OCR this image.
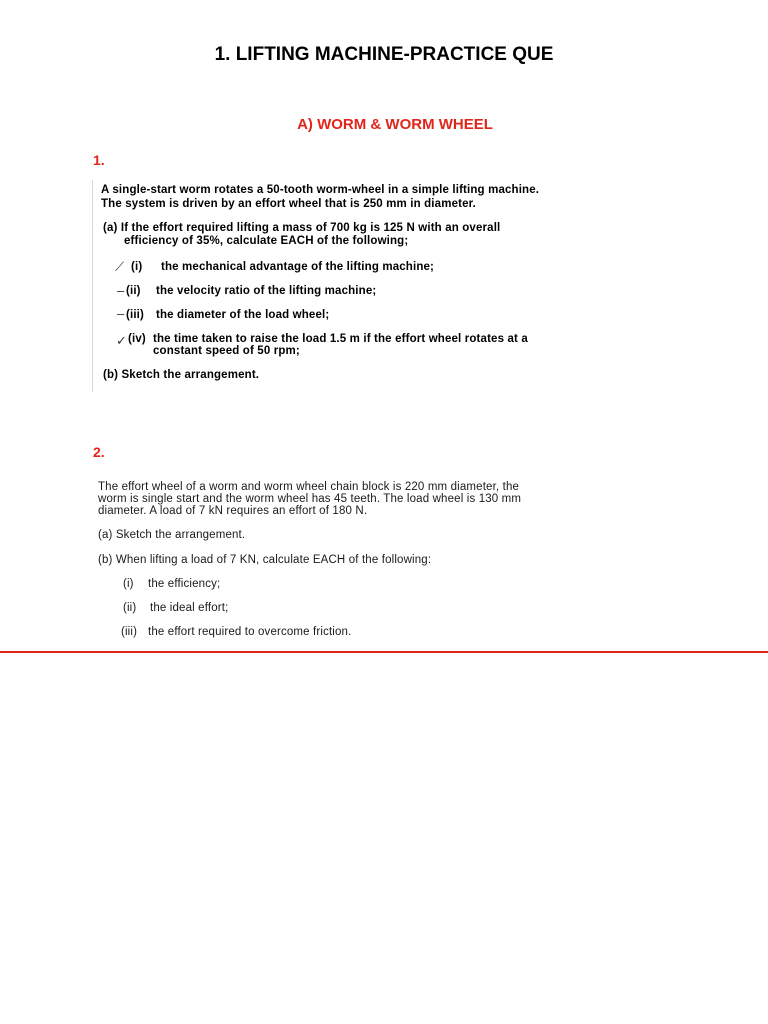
1. LIFTING MACHINE-PRACTICE QUE
A) WORM & WORM WHEEL
1.
A single-start worm rotates a 50-tooth worm-wheel in a simple lifting machine.
The system is driven by an effort wheel that is 250 mm in diameter.
(a) If the effort required lifting a mass of 700 kg is 125 N with an overall
efficiency of 35%, calculate EACH of the following;
⟋ (i) the mechanical advantage of the lifting machine;
– (ii) the velocity ratio of the lifting machine;
– (iii) the diameter of the load wheel;
✓ (iv) the time taken to raise the load 1.5 m if the effort wheel rotates at a
constant speed of 50 rpm;
(b) Sketch the arrangement.
2.
The effort wheel of a worm and worm wheel chain block is 220 mm diameter, the
worm is single start and the worm wheel has 45 teeth. The load wheel is 130 mm
diameter. A load of 7 kN requires an effort of 180 N.
(a) Sketch the arrangement.
(b) When lifting a load of 7 KN, calculate EACH of the following:
(i) the efficiency;
(ii) the ideal effort;
(iii) the effort required to overcome friction.
